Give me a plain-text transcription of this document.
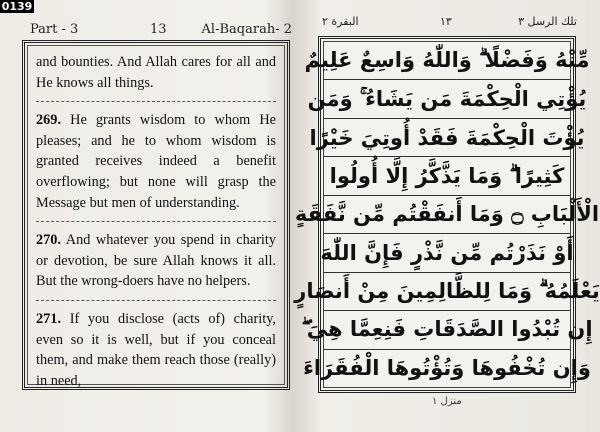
0139
Part - 3	13	Al-Baqarah- 2

and bounties. And Allah cares for all and He knows all things.

269. He grants wisdom to whom He pleases; and he to whom wisdom is granted receives indeed a benefit overflowing; but none will grasp the Message but men of understanding.

270. And whatever you spend in charity or devotion, be sure Allah knows it all. But the wrong-doers have no helpers.

271. If you disclose (acts of) charity, even so it is well, but if you conceal them, and make them reach those (really) in need,

البقرة ٢	١٣	تلك الرسل ٣
مِّنْهُ وَفَضْلًا ۗ وَاللّٰهُ وَاسِعٌ عَلِيمٌ
يُؤْتِي الْحِكْمَةَ مَن يَشَاءُ ۚ وَمَن
يُؤْتَ الْحِكْمَةَ فَقَدْ أُوتِيَ خَيْرًا
كَثِيرًا ۗ وَمَا يَذَّكَّرُ إِلَّا أُولُوا
الْأَلْبَابِ ۝ وَمَا أَنفَقْتُم مِّن نَّفَقَةٍ
أَوْ نَذَرْتُم مِّن نَّذْرٍ فَإِنَّ اللّٰهَ
يَعْلَمُهُ ۗ وَمَا لِلظَّالِمِينَ مِنْ أَنصَارٍ
إِن تُبْدُوا الصَّدَقَاتِ فَنِعِمَّا هِيَ ۖ
وَإِن تُخْفُوهَا وَتُؤْتُوهَا الْفُقَرَاءَ
منزل ١
